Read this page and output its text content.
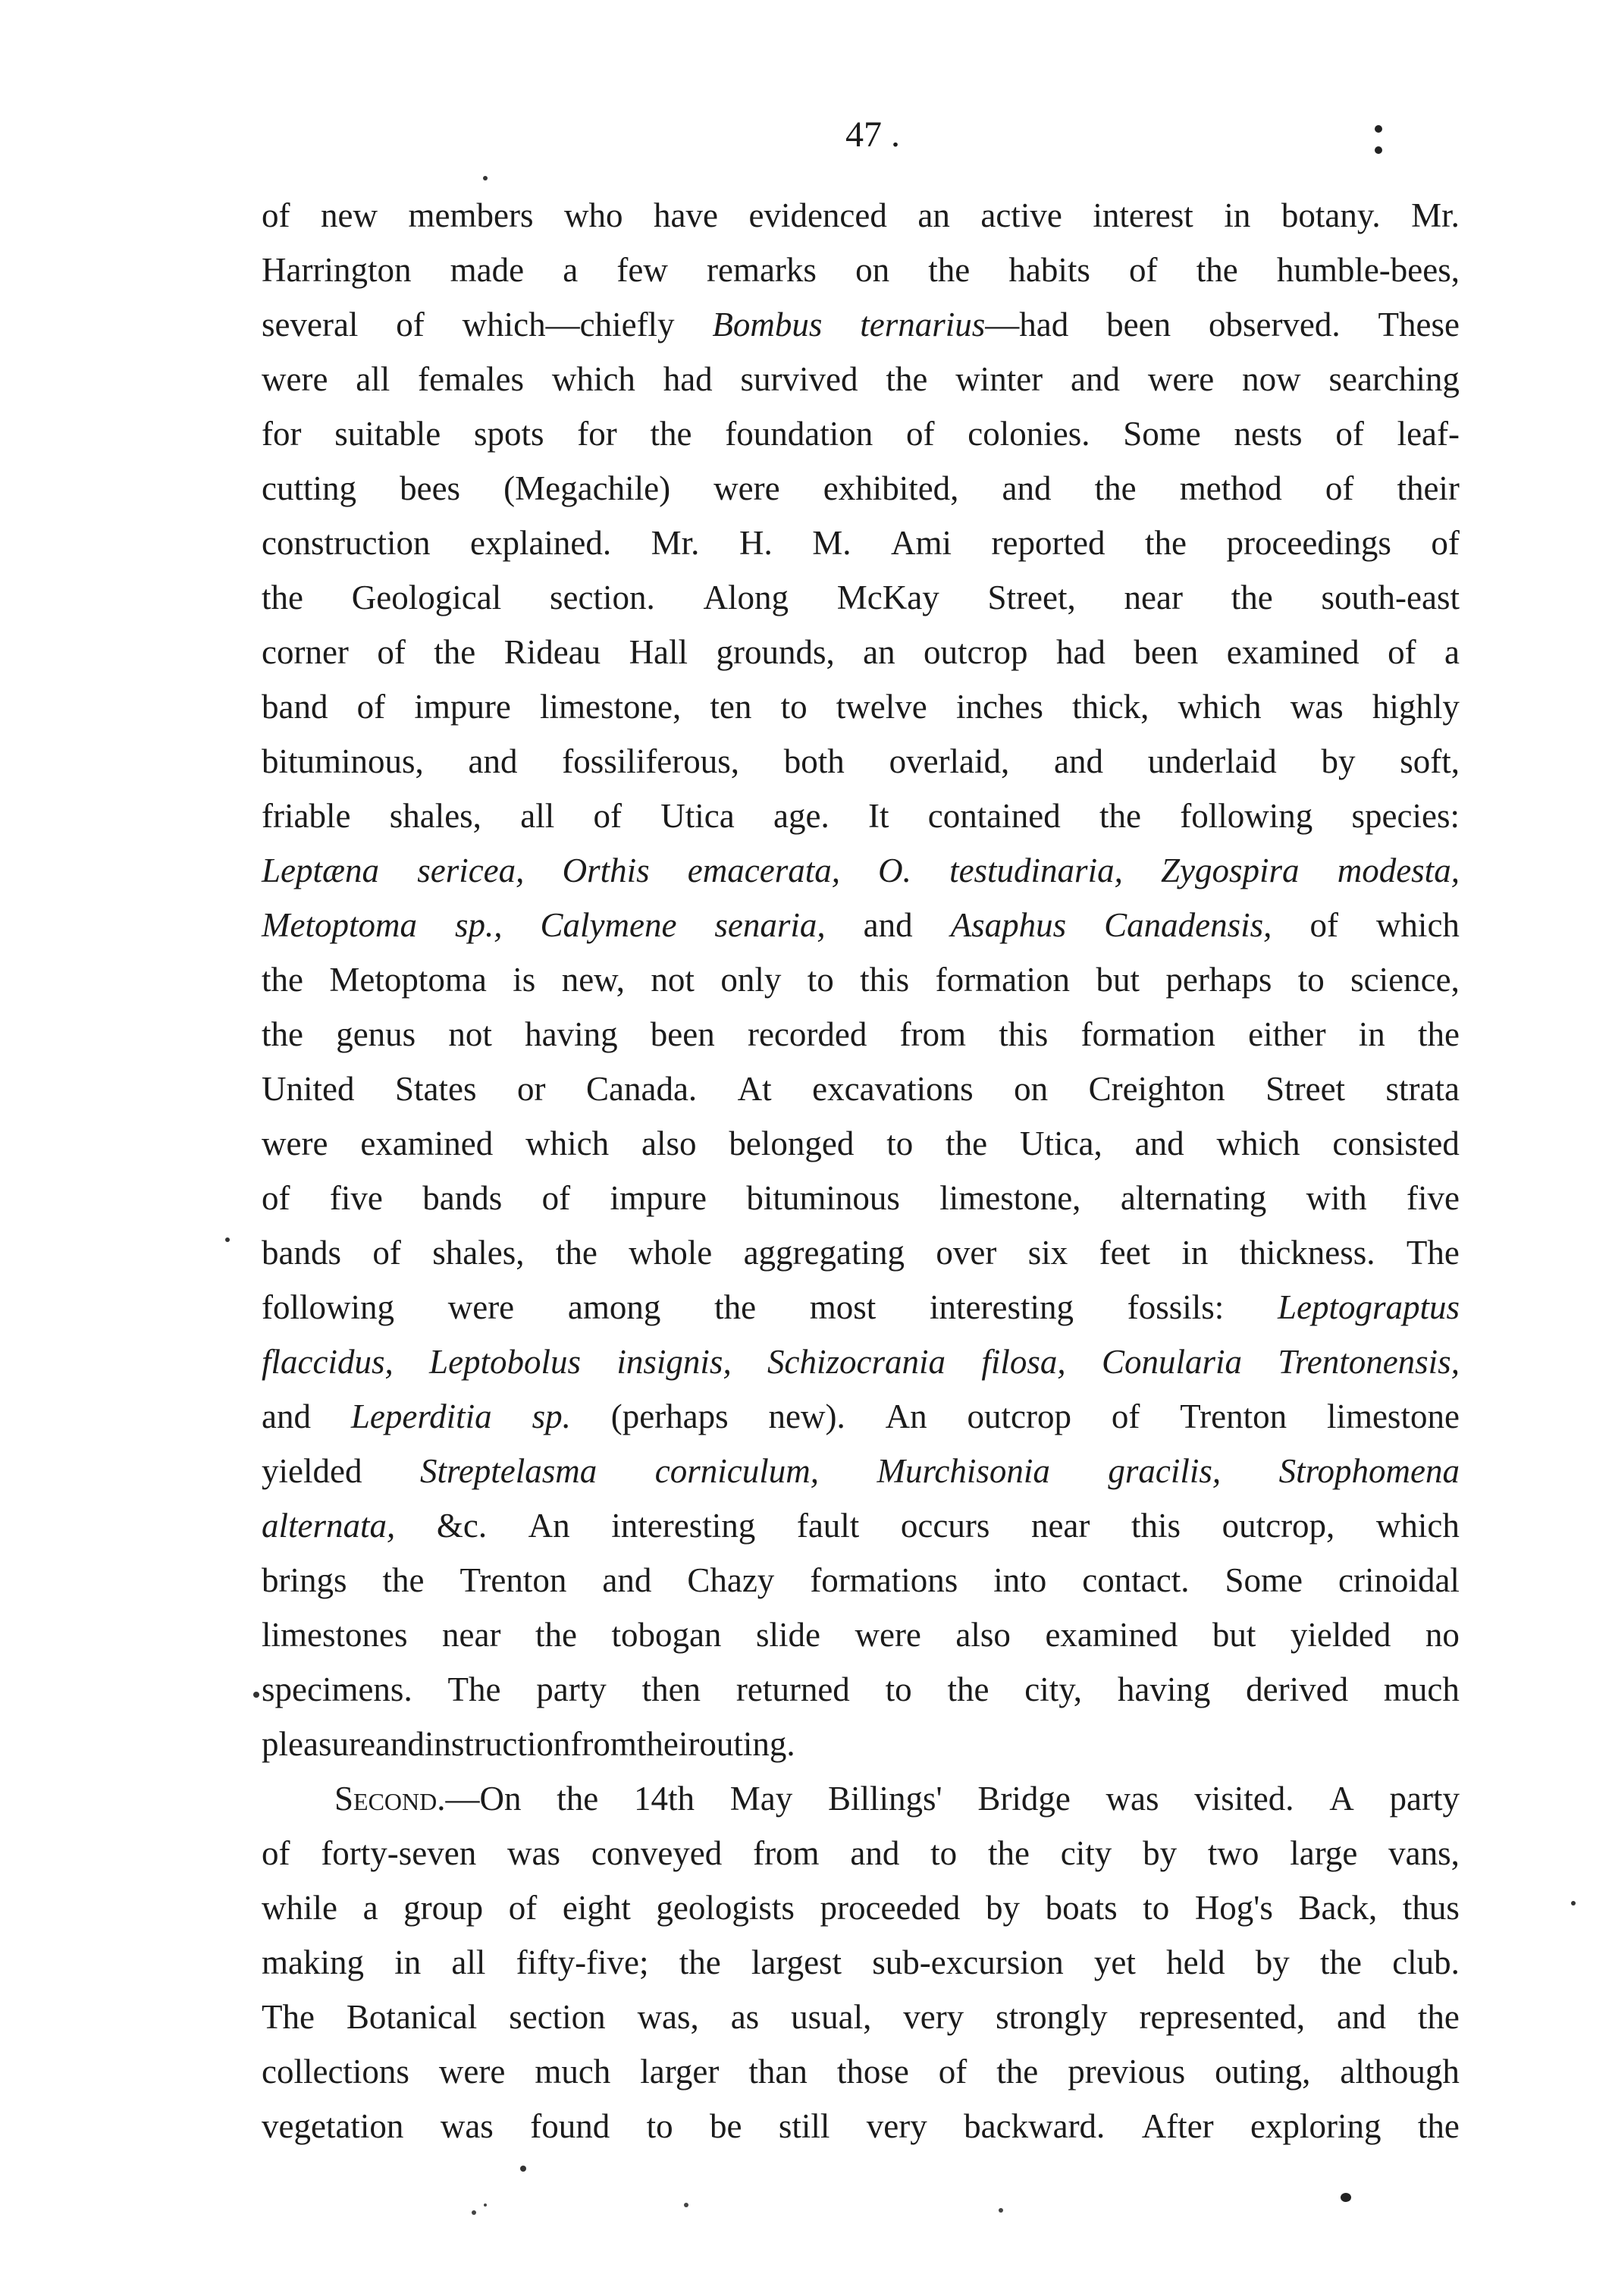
47 .
of new members who have evidenced an active interest in botany. Mr.
Harrington made a few remarks on the habits of the humble-bees,
several of which—chiefly Bombus ternarius—had been observed. These
were all females which had survived the winter and were now searching
for suitable spots for the foundation of colonies. Some nests of leaf-
cutting bees (Megachile) were exhibited, and the method of their
construction explained. Mr. H. M. Ami reported the proceedings of
the Geological section. Along McKay Street, near the south-east
corner of the Rideau Hall grounds, an outcrop had been examined of a
band of impure limestone, ten to twelve inches thick, which was highly
bituminous, and fossiliferous, both overlaid, and underlaid by soft,
friable shales, all of Utica age. It contained the following species:
Leptæna sericea, Orthis emacerata, O. testudinaria, Zygospira modesta,
Metoptoma sp., Calymene senaria, and Asaphus Canadensis, of which
the Metoptoma is new, not only to this formation but perhaps to science,
the genus not having been recorded from this formation either in the
United States or Canada. At excavations on Creighton Street strata
were examined which also belonged to the Utica, and which consisted
of five bands of impure bituminous limestone, alternating with five
bands of shales, the whole aggregating over six feet in thickness. The
following were among the most interesting fossils: Leptograptus
flaccidus, Leptobolus insignis, Schizocrania filosa, Conularia Trentonensis,
and Leperditia sp. (perhaps new). An outcrop of Trenton limestone
yielded Streptelasma corniculum, Murchisonia gracilis, Strophomena
alternata, &c. An interesting fault occurs near this outcrop, which
brings the Trenton and Chazy formations into contact. Some crinoidal
limestones near the tobogan slide were also examined but yielded no
specimens. The party then returned to the city, having derived much
pleasure and instruction from their outing.
Second.—On the 14th May Billings' Bridge was visited. A party
of forty-seven was conveyed from and to the city by two large vans,
while a group of eight geologists proceeded by boats to Hog's Back, thus
making in all fifty-five; the largest sub-excursion yet held by the club.
The Botanical section was, as usual, very strongly represented, and the
collections were much larger than those of the previous outing, although
vegetation was found to be still very backward. After exploring the
